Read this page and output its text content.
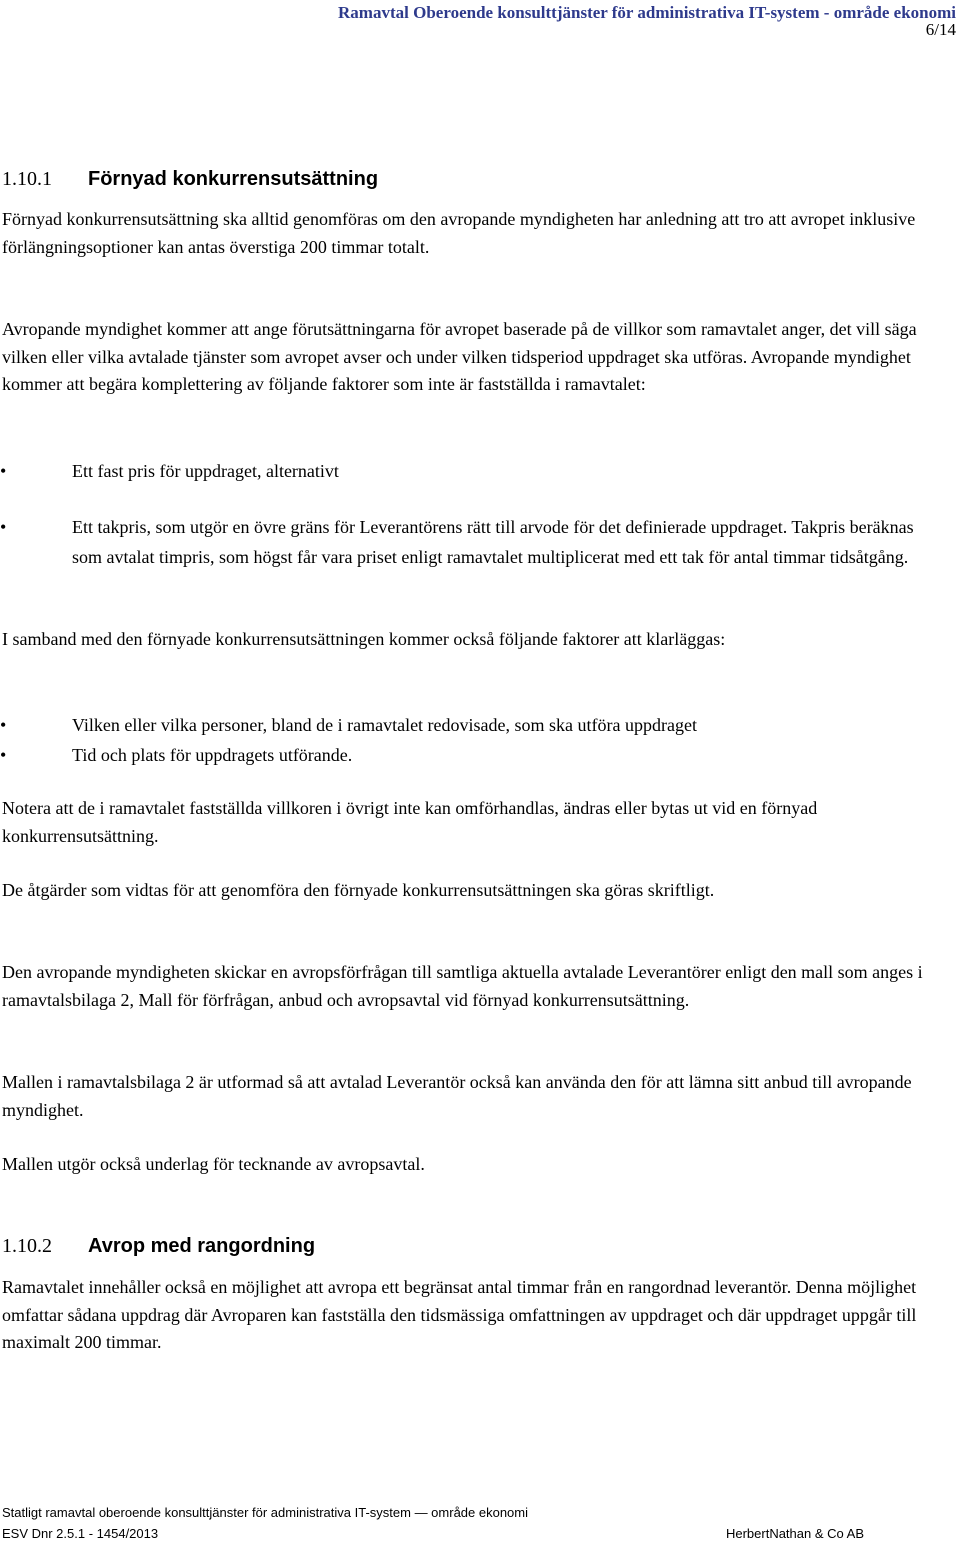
Ramavtal Oberoende konsulttjänster för administrativa IT-system - område ekonomi
6/14
1.10.1 Förnyad konkurrensutsättning
Förnyad konkurrensutsättning ska alltid genomföras om den avropande myndigheten har anledning att tro att avropet inklusive förlängningsoptioner kan antas överstiga 200 timmar totalt.
Avropande myndighet kommer att ange förutsättningarna för avropet baserade på de villkor som ramavtalet anger, det vill säga vilken eller vilka avtalade tjänster som avropet avser och under vilken tidsperiod uppdraget ska utföras. Avropande myndighet kommer att begära komplettering av följande faktorer som inte är fastställda i ramavtalet:
•	Ett fast pris för uppdraget, alternativt
•	Ett takpris, som utgör en övre gräns för Leverantörens rätt till arvode för det definierade uppdraget. Takpris beräknas som avtalat timpris, som högst får vara priset enligt ramavtalet multiplicerat med ett tak för antal timmar tidsåtgång.
I samband med den förnyade konkurrensutsättningen kommer också följande faktorer att klarläggas:
•	Vilken eller vilka personer, bland de i ramavtalet redovisade, som ska utföra uppdraget
•	Tid och plats för uppdragets utförande.
Notera att de i ramavtalet fastställda villkoren i övrigt inte kan omförhandlas, ändras eller bytas ut vid en förnyad konkurrensutsättning.
De åtgärder som vidtas för att genomföra den förnyade konkurrensutsättningen ska göras skriftligt.
Den avropande myndigheten skickar en avropsförfrågan till samtliga aktuella avtalade Leverantörer enligt den mall som anges i ramavtalsbilaga 2, Mall för förfrågan, anbud och avropsavtal vid förnyad konkurrensutsättning.
Mallen i ramavtalsbilaga 2 är utformad så att avtalad Leverantör också kan använda den för att lämna sitt anbud till avropande myndighet.
Mallen utgör också underlag för tecknande av avropsavtal.
1.10.2 Avrop med rangordning
Ramavtalet innehåller också en möjlighet att avropa ett begränsat antal timmar från en rangordnad leverantör. Denna möjlighet omfattar sådana uppdrag där Avroparen kan fastställa den tidsmässiga omfattningen av uppdraget och där uppdraget uppgår till maximalt 200 timmar.
Statligt ramavtal oberoende konsulttjänster för administrativa IT-system — område ekonomi
ESV Dnr 2.5.1 - 1454/2013	HerbertNathan & Co AB
